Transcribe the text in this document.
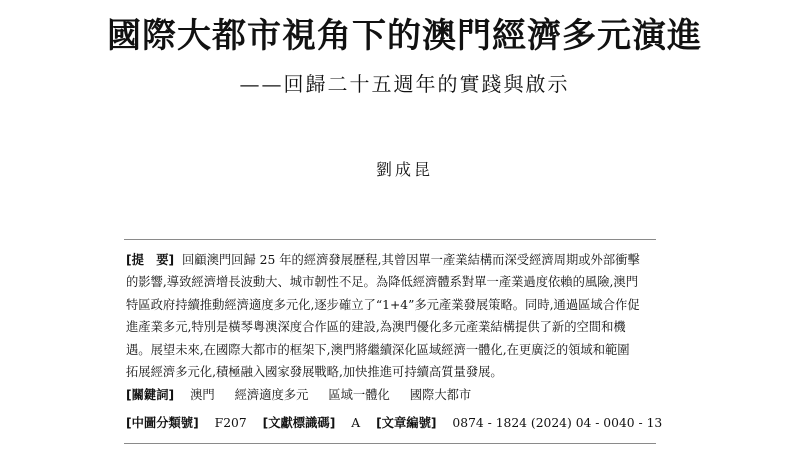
國際大都市視角下的澳門經濟多元演進
——回歸二十五週年的實踐與啟示
劉成昆
[提　要] 回顧澳門回歸 25 年的經濟發展歷程,其曾因單一產業結構而深受經濟周期或外部衝擊
的影響,導致經濟增長波動大、城市韌性不足。為降低經濟體系對單一產業過度依賴的風險,澳門
特區政府持續推動經濟適度多元化,逐步確立了“1+4”多元產業發展策略。同時,通過區域合作促
進產業多元,特別是橫琴粵澳深度合作區的建設,為澳門優化多元產業結構提供了新的空間和機
遇。展望未來,在國際大都市的框架下,澳門將繼續深化區域經濟一體化,在更廣泛的領域和範圍
拓展經濟多元化,積極融入國家發展戰略,加快推進可持續高質量發展。
[關鍵詞] 澳門 經濟適度多元 區域一體化 國際大都市
[中圖分類號] F207 [文獻標識碼] A [文章編號] 0874 - 1824 (2024) 04 - 0040 - 13
